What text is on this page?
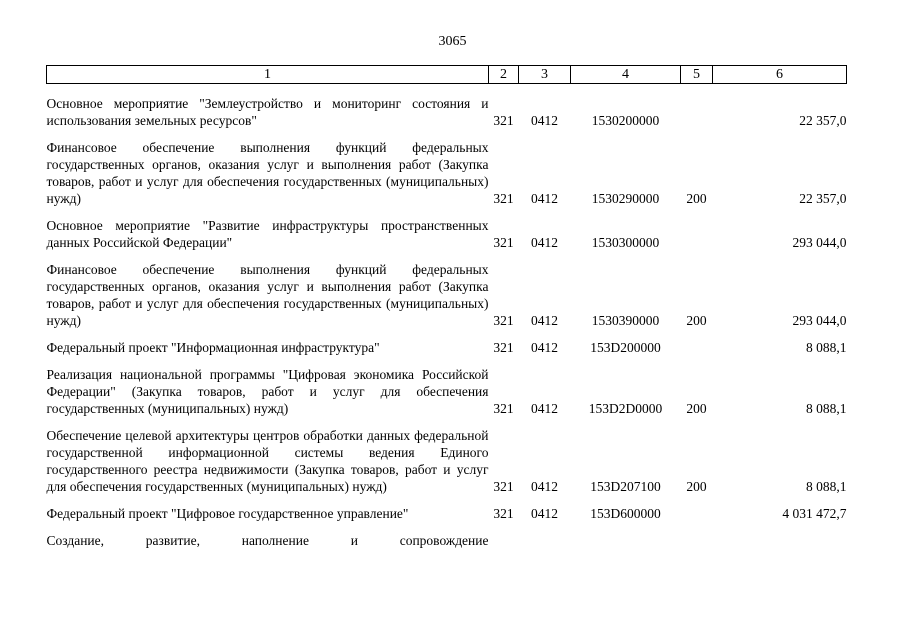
3065
1	2	3	4	5	6
Основное мероприятие "Землеустройство и мониторинг состояния и использования земельных ресурсов"	321	0412	1530200000		22 357,0
Финансовое обеспечение выполнения функций федеральных государственных органов, оказания услуг и выполнения работ (Закупка товаров, работ и услуг для обеспечения государственных (муниципальных) нужд)	321	0412	1530290000	200	22 357,0
Основное мероприятие "Развитие инфраструктуры пространственных данных Российской Федерации"	321	0412	1530300000		293 044,0
Финансовое обеспечение выполнения функций федеральных государственных органов, оказания услуг и выполнения работ (Закупка товаров, работ и услуг для обеспечения государственных (муниципальных) нужд)	321	0412	1530390000	200	293 044,0
Федеральный проект "Информационная инфраструктура"	321	0412	153D200000		8 088,1
Реализация национальной программы "Цифровая экономика Российской Федерации" (Закупка товаров, работ и услуг для обеспечения государственных (муниципальных) нужд)	321	0412	153D2D0000	200	8 088,1
Обеспечение целевой архитектуры центров обработки данных федеральной государственной информационной системы ведения Единого государственного реестра недвижимости (Закупка товаров, работ и услуг для обеспечения государственных (муниципальных) нужд)	321	0412	153D207100	200	8 088,1
Федеральный проект "Цифровое государственное управление"	321	0412	153D600000		4 031 472,7
Создание, развитие, наполнение и сопровождение					
